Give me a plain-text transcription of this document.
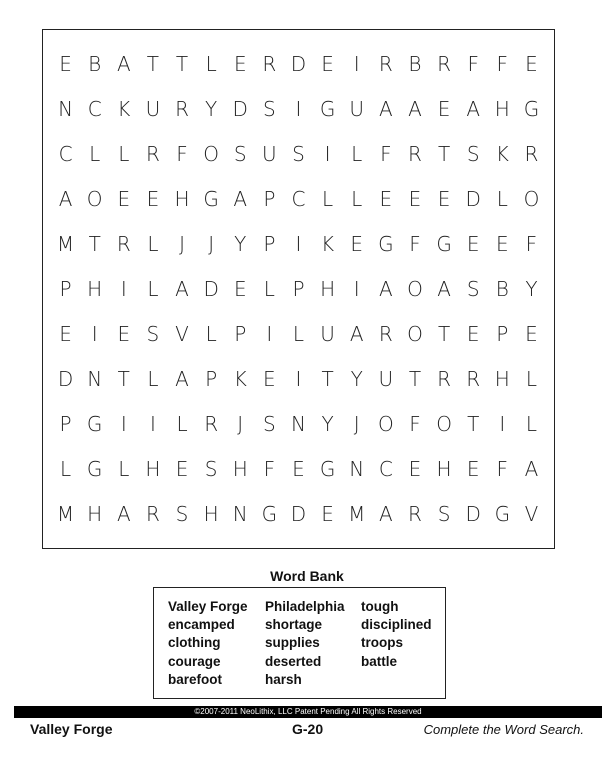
E B A T T L E R D E I R B R F F E
N C K U R Y D S I G U A A E A H G
C L L R F O S U S I	L F R T S K R
A O E E H G A P C L L E E E D L O
M T R L	J	J	Y P	I K E G F G E E F
P H I	L A D E L P H I A O A S B Y
E I E S V L P	I	L U A R O T E P E
D N T L A P K E I	T Y U T R R H L
P G I	I	L R J S N Y	J O F O T	I	L
L G L H E S H F E G N C E H E F A
M H A R S H N G D E M A R S D G V
Word Bank
Valley Forge
encamped
clothing
courage
barefoot
Philadelphia
shortage
supplies
deserted
harsh
tough
disciplined
troops
battle
©2007-2011 NeoLithix, LLC Patent Pending All Rights Reserved
Valley Forge	G-20	Complete the Word Search.
